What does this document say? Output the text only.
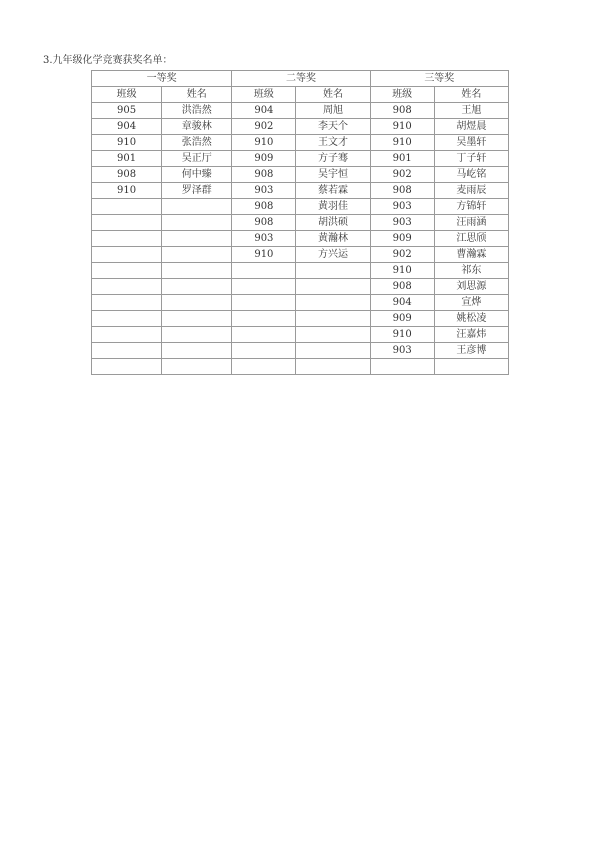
3.九年级化学竞赛获奖名单：
一等奖		二等奖		三等奖	
班级	姓名	班级	姓名	班级	姓名
905	洪浩然	904	周旭	908	王旭
904	章骏林	902	李天个	910	胡煜晨
910	张浩然	910	王文才	910	吴墨轩
901	吴正厅	909	方子骞	901	丁子轩
908	何中臻	908	吴宇恒	902	马屹铭
910	罗泽群	903	蔡若霖	908	麦雨辰
		908	黄羽佳	903	方锦轩
		908	胡洪硕	903	汪雨涵
		903	黄瀚林	909	江思颀
		910	方兴运	902	曹瀚霖
				910	祁东
				908	刘思源
				904	宣烨
				909	姚松凌
				910	汪嘉炜
				903	王彦博
